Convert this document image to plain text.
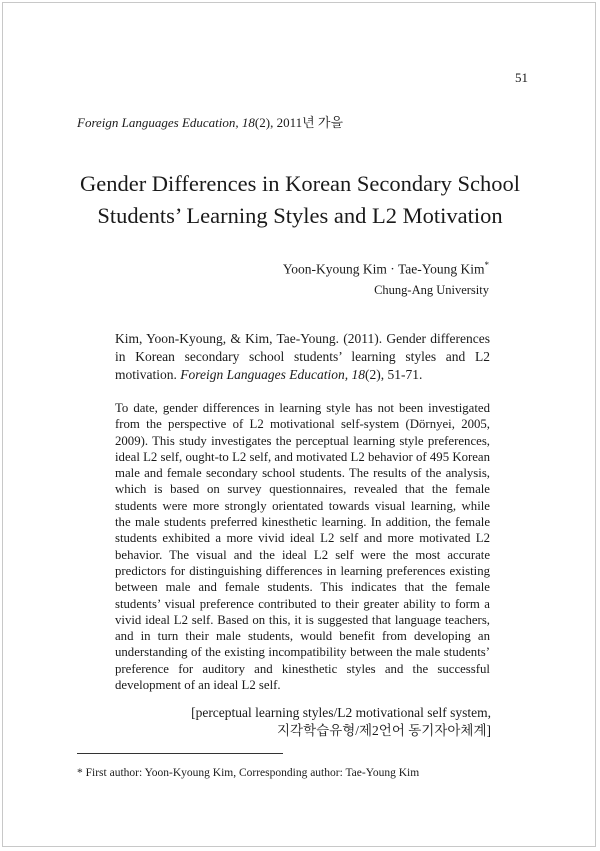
51
Foreign Languages Education, 18(2), 2011년 가을
Gender Differences in Korean Secondary School
Students’ Learning Styles and L2 Motivation
Yoon-Kyoung Kim · Tae-Young Kim*
Chung-Ang University

Kim, Yoon-Kyoung, & Kim, Tae-Young. (2011). Gender differences in Korean secondary school students’ learning styles and L2 motivation. Foreign Languages Education, 18(2), 51-71.

To date, gender differences in learning style has not been investigated from the perspective of L2 motivational self-system (Dörnyei, 2005, 2009). This study investigates the perceptual learning style preferences, ideal L2 self, ought-to L2 self, and motivated L2 behavior of 495 Korean male and female secondary school students. The results of the analysis, which is based on survey questionnaires, revealed that the female students were more strongly orientated towards visual learning, while the male students preferred kinesthetic learning. In addition, the female students exhibited a more vivid ideal L2 self and more motivated L2 behavior. The visual and the ideal L2 self were the most accurate predictors for distinguishing differences in learning preferences existing between male and female students. This indicates that the female students’ visual preference contributed to their greater ability to form a vivid ideal L2 self. Based on this, it is suggested that language teachers, and in turn their male students, would benefit from developing an understanding of the existing incompatibility between the male students’ preference for auditory and kinesthetic styles and the successful development of an ideal L2 self.

[perceptual learning styles/L2 motivational self system,
지각학습유형/제2언어 동기자아체계]
* First author: Yoon-Kyoung Kim, Corresponding author: Tae-Young Kim
